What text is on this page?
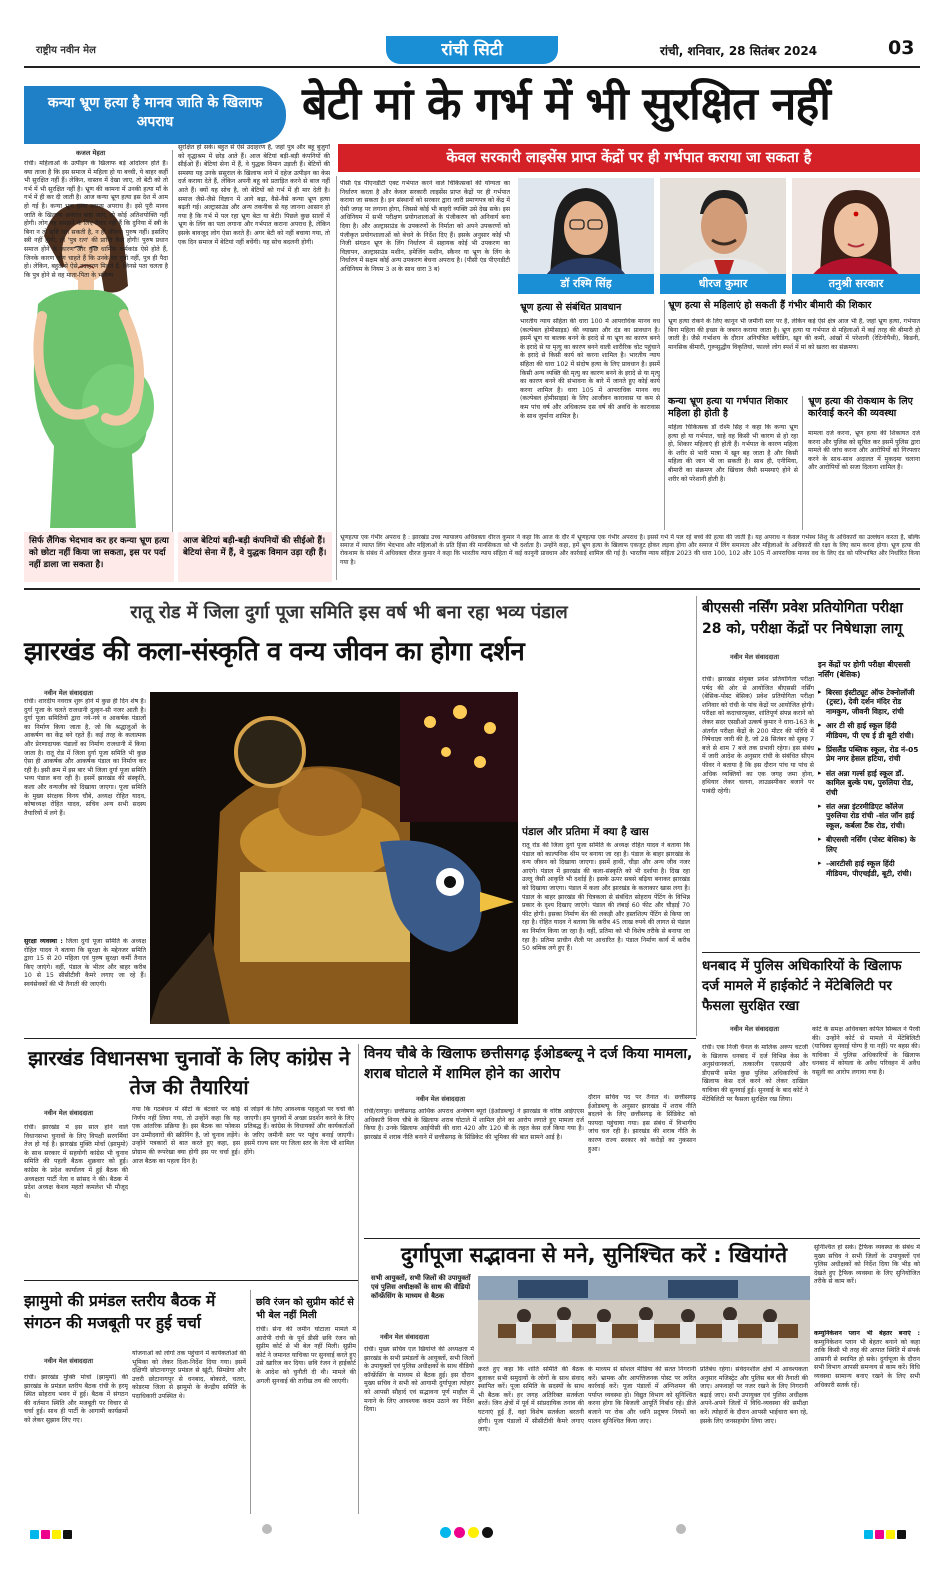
राष्ट्रीय नवीन मेल	रांची सिटी	रांची, शनिवार, 28 सितंबर 2024	03
कन्या भ्रूण हत्या है मानव जाति के खिलाफ अपराध	बेटी मां के गर्भ में भी सुरक्षित नहीं
केवल सरकारी लाइसेंस प्राप्त केंद्रों पर ही गर्भपात कराया जा सकता है
कजल मेहता
रांची। महिलाओं के उत्पीड़न के खिलाफ बड़े आंदोलन होते हैं। क्या ताजा है कि इस समाज में महिला हो या बच्ची, ये बाहर कहीं भी सुरक्षित नहीं हैं। लेकिन, वास्तव में देखा जाए, तो बेटी को तो गर्भ में भी सुरक्षित नहीं है। भ्रूण की कामना में उनकी हत्या माँ के गर्भ में ही कर दी जाती है। आज कन्या भ्रूण हत्या इस देश में आम हो गई है। कन्या भ्रूण हत्या जघन्य अपराध है। इसे पूरी मानव जाति के खिलाफ अपराध कहा जाए, तो कोई अतिशयोक्ति नहीं होगी। लोग यह समझने के लिए तैयार नहीं हैं कि दुनिया में स्त्री के बिना न तो सृष्टि चल सकती है, न ही जीवन। पुरुष नहीं। इसलिए स्त्री नहीं होगी, तो 'पुत्र रत्न' की प्राप्ति कैसे होगी! पुरुष प्रधान समाज होने के कारण और कुछ धार्मिक कर्मकांड ऐसे होते हैं, जिनके कारण लोग चाहते हैं कि उनके घर पुत्री नहीं, पुत्र ही पैदा हो। लेकिन, बहुत से ऐसे उदाहरण मिलते हैं, जिनसे पता चलता है कि पुत्र होने से वह माता-पिता के भविष्य
सुरक्षित हो सके। बहुत से ऐसे उदाहरण हैं, जहां पुत्र और बहू बुजुर्गों को वृद्धाश्रम में छोड़ आते हैं। आज बेटियां बड़ी-बड़ी कंपनियों की सीईओ हैं। बेटियां सेना में हैं, वे युद्धक विमान उड़ाती हैं। बेटियों की समस्या यह उनके ससुराल के खिलाफ थाने में दहेज उत्पीड़न का केस दर्ज कराया देते हैं, लेकिन अपनी बहू को प्रताड़ित करने से बाज नहीं आते हैं। क्यों यह सोच है, जो बेटियों को गर्भ में ही मार देती है। समाज जैसे-जैसे विज्ञान में आगे बढ़ा, वैसे-वैसे कन्या भ्रूण हत्या बढ़ती गई। अल्ट्रासाउंड और अन्य तकनीक से यह जानना आसान हो गया है कि गर्भ में पल रहा भ्रूण बेटा या बेटी। पिछले कुछ सालों में भ्रूण के लिंग का पता लगाना और गर्भपात कराना अपराध है, लेकिन इसके बावजूद लोग ऐसा करते हैं। अगर बेटी को नहीं बचाया गया, तो एक दिन समाज में बेटियां नहीं बचेंगी। यह सोच बदलनी होगी।
पीसी एंड पीएनडीटी एक्ट गर्भपात करने वाले चिकित्सकों की योग्यता का निर्धारण करता है और केवल सरकारी लाइसेंस प्राप्त केंद्रों पर ही गर्भपात कराया जा सकता है। इन संस्थानों को सरकार द्वारा जारी प्रमाणपत्र को केंद्र में ऐसी जगह पर लगाना होगा, जिससे कोई भी बाहरी व्यक्ति उसे देख सके। इस अधिनियम में सभी परीक्षण प्रयोगशालाओं के पंजीकरण को अनिवार्य बना दिया है। और अल्ट्रासाउंड के उपकरणों के निर्माता को अपने उपकरणों को पंजीकृत प्रयोगशालाओं को बेचने के निर्देश दिए हैं। इसके अनुसार कोई भी निजी संगठन भ्रूण के लिंग निर्धारण में सहायक कोई भी उपकरण का विज्ञापन, अल्ट्रासाउंड मशीन, इमेजिंग मशीन, स्कैनर या भ्रूण के लिंग के निर्धारण में सक्षम कोई अन्य उपकरण बेचना अपराध है। (पीसी एंड पीएनडीटी अधिनियम के नियम 3 अ के साथ धारा 3 ब)
सिर्फ लैंगिक भेदभाव कर हर कन्या भ्रूण हत्या को छोटा नहीं किया जा सकता, इस पर पर्दा नहीं डाला जा सकता है।
आज बेटियां बड़ी-बड़ी कंपनियों की सीईओ हैं। बेटियां सेना में हैं, वे युद्धक विमान उड़ा रही हैं।
डॉ रश्मि सिंह	धीरज कुमार	तनुश्री सरकार
भ्रूण हत्या से संबंधित प्रावधान
भारतीय न्याय संहिता की धारा 100 में आपराधिक मानव वध (कल्पेबल होमीसाइड) की व्याख्या और दंड का प्रावधान है। इसमें भ्रूण या बालक बनने के इरादे से या भ्रूण का कारण बनने के इरादे से या मृत्यु का कारण बनने वाली शारीरिक चोट पहुंचाने के इरादे से किसी कार्य को करना शामिल है। भारतीय न्याय संहिता की धारा 102 में संदोष हत्या के लिए प्रावधान है। इसमें किसी अन्य व्यक्ति की मृत्यु का कारण बनने के इरादे से या मृत्यु का कारण बनने की संभावना के बारे में जानते हुए कोई कार्य करना शामिल है। धारा 105 में आपराधिक मानव वध (कल्पेबल होमीसाइड) के लिए आजीवन कारावास या कम से कम पांच वर्ष और अधिकतम दस वर्ष की अवधि के कारावास के साथ जुर्माना शामिल है।
भ्रूण हत्या से महिलाएं हो सकती हैं गंभीर बीमारी की शिकार
भ्रूण हत्या रोकने के लिए कानून भी जमीनी स्तर पर है, लेकिन कई ऐसे क्षेत्र आज भी हैं, जहां भ्रूण हत्या, गर्भपात बिना महिला की इच्छा के जबरन कराया जाता है। भ्रूण हत्या या गर्भपात से महिलाओं में कई तरह की बीमारी हो जाती है। जैसे गर्भाशय के दौरान अनियंत्रित ब्लीडिंग, खून की कमी, आंखों में परेशानी (रेटिनोपैथी), किडनी, मानसिक बीमारी, गुरूसुद्धीय विकृतियां, फाल्ले लोग स्पर्श में मां को खतरा का संक्रमण।
कन्या भ्रूण हत्या या गर्भपात शिकार महिला ही होती है
महिला चिकित्सक डॉ रश्मि सिंह ने कहा कि कन्या भ्रूण हत्या हो या गर्भपात, चाहे वह किसी भी कारण से हो रहा हो, शिकार महिलाएं ही होती हैं। गर्भपात के कारण महिला के शरीर से भारी मात्रा में खून बह जाता है और किसी महिला की जान भी जा सकती है। साथ ही, एनीमिया, बीमारी का संक्रमण और खिंचाव जैसी समस्याएं होने से शरीर को परेशानी होती है।
भ्रूण हत्या की रोकथाम के लिए कार्रवाई करने की व्यवस्था
मामला दर्ज करना, भ्रूण हत्या की शिकायत दर्ज करना और पुलिस को सूचित कर इसमें पुलिस द्वारा मामले की जांच करना और आरोपियों को गिरफ्तार करने के साथ-साथ अदालत में मुकदमा चलाना और आरोपियों को सजा दिलाना शामिल है।
भ्रूणहत्या एक गंभीर अपराध है : झारखंड उच्च न्यायालय अधिवक्ता धीरज कुमार ने कहा कि आज के दौर में भ्रूणहत्या एक गंभीर अपराध है। इससे गर्भ में पल रहे बच्चे की हत्या की जाती है। यह अपराध न केवल गर्भस्थ शिशु के अधिकारों का उल्लंघन करता है, बल्कि समाज में व्याप्त लिंग भेदभाव और महिलाओं के प्रति हिंसा की मानसिकता को भी दर्शाता है। उन्होंने कहा, हमें भ्रूण हत्या के खिलाफ एकजुट होकर लड़ना होगा और समाज में लिंग समानता और महिलाओं के अधिकारों की रक्षा के लिए काम करना होगा। भ्रूण हत्या की रोकथाम के संबंध में अधिवक्ता धीरज कुमार ने कहा कि भारतीय न्याय संहिता में कई कानूनी प्रावधान और कार्रवाई शामिल की गई है। भारतीय न्याय संहिता 2023 की धारा 100, 102 और 105 में आपराधिक मानव वध के लिए दंड को परिभाषित और निर्धारित किया गया है।
रातू रोड में जिला दुर्गा पूजा समिति इस वर्ष भी बना रहा भव्य पंडाल
झारखंड की कला-संस्कृति व वन्य जीवन का होगा दर्शन
नवीन मेल संवाददाता
रांची। शारदीय नवरात्र शुरू होने में कुछ ही दिन शेष हैं। दुर्गा पूजा के चलते राजधानी दुल्हन-सी नजर आती है। दुर्गा पूजा समितियों द्वारा नये-नये व आकर्षक पंडालों का निर्माण किया जाता है, जो कि श्रद्धालुओं के आकर्षण का केंद्र बने रहते हैं। कई तरह के कलात्मक और प्रेरणादायक पंडालों का निर्माण राजधानी में किया जाता है। रातू रोड में जिला दुर्गा पूजा समिति भी कुछ ऐसा ही आकर्षक और आकर्षक पंडाल का निर्माण कर रही है। इसी क्रम में इस बार भी जिला दुर्गा पूजा समिति भव्य पंडाल बना रही है। इसमें झारखंड की संस्कृति, कला और वन्यजीव को दिखाया जाएगा। पूजा समिति के मुख्य संरक्षक विनय चौबे, अध्यक्ष रोहित यादव, कोषाध्यक्ष रोहित यादव, सचिव अन्य सभी सदस्य तैयारियों में लगे हैं।
सुरक्षा व्यवस्था : जिला दुर्गा पूजा समिति के अध्यक्ष रोहित यादव ने बताया कि सुरक्षा के मद्देनजर समिति द्वारा 15 से 20 महिला एवं पुरुष सुरक्षा कर्मी तैनात किए जाएंगे। वहीं, पंडाल के भीतर और बाहर करीब 10 से 15 सीसीटीवी कैमरे लगाए जा रहे हैं। स्वयंसेवकों की भी तैनाती की जाएगी।
पंडाल और प्रतिमा में क्या है खास
रातू रोड की जिला दुर्गा पूजा समिति के अध्यक्ष रोहित यादव ने बताया कि पंडाल को काल्पनिक थीम पर बनाया जा रहा है। पंडाल के बाहर झारखंड के वन्य जीवन को दिखाया जाएगा। इसमें हाथी, चीड़ा और अन्य जीव नजर आएंगे। पंडाल में झारखंड की कला-संस्कृति को भी दर्शाया है। दिख रहा उल्लू जैसी आकृति भी दर्शाई है। इसके ऊपर सबसे बढ़िया बनाकर झारखंड को दिखाया जाएगा। पंडाल में कला और झारखंड के कलाकार खास लगा है। पंडाल के बाहर झारखंड की चित्रकला से संबंधित सोहराय पेंटिंग के विभिन्न प्रकार के दृश्य दिखाए जाएंगे। पंडाल की लंबाई 60 फीट और चौड़ाई 70 फीट होगी। इसका निर्माण बेंत की लकड़ी और हस्तशिल्प पेंटिंग से किया जा रहा है। रोहित यादव ने बताया कि करीब 45 लाख रुपये की लागत से पंडाल का निर्माण किया जा रहा है। वहीं, प्रतिमा को भी विशेष तरीके से बनाया जा रहा है। प्रतिमा प्राचीन शैली पर आधारित है। पंडाल निर्माण कार्य में करीब 50 श्रमिक लगे हुए हैं।
बीएससी नर्सिंग प्रवेश प्रतियोगिता परीक्षा 28 को, परीक्षा केंद्रों पर निषेधाज्ञा लागू
नवीन मेल संवाददाता
रांची। झारखंड संयुक्त प्रवेश प्रतियोगिता परीक्षा पर्षद की ओर से आयोजित बीएससी नर्सिंग (बेसिक-पोस्ट बेसिक) प्रवेश प्रतियोगिता परीक्षा शनिवार को रांची के पांच केंद्रों पर आयोजित होगी। परीक्षा को कदाचारमुक्त, शांतिपूर्ण संपन्न कराने को लेकर सदर एसडीओ उत्कर्ष कुमार ने धारा-163 के अंतर्गत परीक्षा केंद्रों के 200 मीटर की परिधि में निषेधाज्ञा जारी की है, जो 28 सितंबर को सुबह 7 बजे से शाम 7 बजे तक प्रभावी रहेगा। इस संबंध में जारी आदेश के अनुसार रांची के संबंधित सीएम फीवर ने बताया है कि इस दौरान पांच या पांच से अधिक व्यक्तियों का एक जगह जमा होना, हथियार लेकर चलना, लाउडस्पीकर बजाने पर पाबंदी रहेगी।
इन केंद्रों पर होगी परीक्षा बीएससी नर्सिंग (बेसिक)
▸ बिरसा इंस्टीट्यूट ऑफ टेक्नोलॉजी (ट्रस्ट), देवी दर्शन मंदिर रोड नामकुम, जीवनी विहार, रांची
▸ आर टी सी हाई स्कूल हिंदी मीडियम, पी एच ई डी बूटी रांची।
▸ प्रिंसलैंड पब्लिक स्कूल, रोड नं-05 प्रेम नगर हेसल हटिया, रांची
▸ संत अन्ना गर्ल्स हाई स्कूल डॉ. कामिल बुल्के पथ, पुरुलिया रोड, रांची
▸ संत अन्ना इंटरमीडिएट कॉलेज पुरुलिया रोड रांची -संत जॉन हाई स्कूल, कर्बला टैंक रोड, रांची।
▸ बीएससी नर्सिंग (पोस्ट बेसिक) के लिए
▸ -आरटीसी हाई स्कूल हिंदी मीडियम, पीएचईडी, बूटी, रांची।
धनबाद में पुलिस अधिकारियों के खिलाफ दर्ज मामले में हाईकोर्ट ने मेंटेबिलिटी पर फैसला सुरक्षित रखा
नवीन मेल संवाददाता
रांची। एक निजी चैनल के मालिक अरूप चटर्जी के खिलाफ धनबाद में दर्ज विभिन्न केस के अनुसंधानकर्ता, तत्कालीन एसएसपी और डीएसपी समेत कुछ पुलिस अधिकारियों के खिलाफ केस दर्ज करने को लेकर दाखिल याचिका की सुनवाई हुई। सुनवाई के बाद कोर्ट ने मेंटेबिलिटी पर फैसला सुरक्षित रख लिया।
कोर्ट के समक्ष अधिवक्ता कपिल सिब्बल ने पैरवी की। उन्होंने कोर्ट से मामले में मेंटेबिलिटी (याचिका सुनवाई योग्य है या नहीं) पर बहस की। याचिका में पुलिस अधिकारियों के खिलाफ धनबाद में कोयला के अवैध परिवहन में अवैध वसूली का आरोप लगाया गया है।
झारखंड विधानसभा चुनावों के लिए कांग्रेस ने तेज की तैयारियां
नवीन मेल संवाददाता
रांची। झारखंड में इस साल होने वाले विधानसभा चुनावों के लिए विपक्षी सरगर्मियां तेज हो गई है। झारखंड मुक्ति मोर्चा (झामुमो) के साथ सरकार में सहयोगी कांग्रेस भी चुनाव समिति की पहली बैठक शुक्रवार को हुई। कांग्रेस के प्रदेश कार्यालय में हुई बैठक की अध्यक्षता पार्टी नेता व सांसद ने की। बैठक में प्रदेश अध्यक्ष केशव महतो कमलेश भी मौजूद थे।
गया कि गठबंधन में सीटों के बंटवारे पर कोई निर्णय नहीं लिया गया, तो उन्होंने कहा कि यह एक आंतरिक प्रक्रिया है। इस बैठक का फोकस उन उम्मीदवारों की स्क्रीनिंग है, जो चुनाव लड़ेंगे। उन्होंने पत्रकारों से बात करते हुए कहा, इस प्रोग्राम की रूपरेखा क्या होगी इस पर चर्चा हुई। आज बैठक का पहला दिन है।
से जोड़ने के लिए आवश्यक पहलुओं पर चर्चा की जाएगी। हम चुनावों में अच्छा प्रदर्शन करने के लिए प्रतिबद्ध हैं। कांग्रेस के विधायकों और कार्यकर्ताओं के जरिए जमीनी स्तर पर पहुंच बनाई जाएगी। इसमें राज्य स्तर पर जिला स्तर के नेता भी शामिल होंगे।
विनय चौबे के खिलाफ छत्तीसगढ़ ईओडब्ल्यू ने दर्ज किया मामला, शराब घोटाले में शामिल होने का आरोप
नवीन मेल संवाददाता
रांची/रायपुर। छत्तीसगढ़ आर्थिक अपराध अन्वेषण ब्यूरो (ईओडब्ल्यू) ने झारखंड के वरिष्ठ आईएएस अधिकारी विनय चौबे के खिलाफ शराब घोटाले में शामिल होने का आरोप लगाते हुए मामला दर्ज किया है। उनके खिलाफ आईपीसी की धारा 420 और 120 बी के तहत केस दर्ज किया गया है। झारखंड में शराब नीति बनाने में छत्तीसगढ़ के सिंडिकेट की भूमिका की बात सामने आई है।
दौरान सचिव पद पर तैनात थे। छत्तीसगढ़ ईओडब्ल्यू के अनुसार झारखंड में शराब नीति बदलने के लिए छत्तीसगढ़ के सिंडिकेट को फायदा पहुंचाया गया। इस संबंध में विभागीय जांच चल रही है। झारखंड की शराब नीति के कारण राज्य सरकार को करोड़ों का नुकसान हुआ।
झामुमो की प्रमंडल स्तरीय बैठक में संगठन की मजबूती पर हुई चर्चा
नवीन मेल संवाददाता
रांची। झारखंड मुक्ति मोर्चा (झामुमो) की झारखंड के प्रमंडल स्तरीय बैठक रांची के हरमू स्थित सोहराय भवन में हुई। बैठक में संगठन की वर्तमान स्थिति और मजबूती पर विचार से चर्चा हुई। साथ ही पार्टी के आगामी कार्यक्रमों को लेकर सुझाव लिए गए।
योजनाओं को लोगों तक पहुंचाने में कार्यकर्ताओं की भूमिका को लेकर दिशा-निर्देश दिया गया। इसमें दक्षिणी छोटानागपुर प्रमंडल से खूंटी, सिमडेगा और उत्तरी छोटानागपुर से धनबाद, बोकारो, चतरा, कोडरमा जिला से झामुमो के केन्द्रीय समिति के पदाधिकारी उपस्थित थे।
छवि रंजन को सुप्रीम कोर्ट से भी बेल नहीं मिली
रांची। सेना की जमीन घोटाला मामले में आरोपी रांची के पूर्व डीसी छवि रंजन को सुप्रीम कोर्ट से भी बेल नहीं मिली। सुप्रीम कोर्ट ने जमानत याचिका पर सुनवाई करते हुए उसे खारिज कर दिया। छवि रंजन ने हाईकोर्ट के आदेश को चुनौती दी थी। मामले की अगली सुनवाई की तारीख तय की जाएगी।
दुर्गापूजा सद्भावना से मने, सुनिश्चित करें : खियांग्ते
सभी आयुक्तों, सभी जिलों की उपायुक्तों एवं पुलिस अधीक्षकों के साथ की वीडियो कॉन्फ्रेंसिंग के माध्यम से बैठक
नवीन मेल संवाददाता
रांची। मुख्य सचिव एल खियांग्ते की अध्यक्षता में झारखंड के सभी प्रमंडलों के आयुक्तों, सभी जिलों के उपायुक्तों एवं पुलिस अधीक्षकों के साथ वीडियो कॉन्फ्रेंसिंग के माध्यम से बैठक हुई। इस दौरान मुख्य सचिव ने सभी को आगामी दुर्गापूजा त्योहार को आपसी सौहार्द एवं सद्भावना पूर्ण माहौल में मनाने के लिए आवश्यक कदम उठाने का निर्देश दिया।
करते हुए कहा कि शांति समिति की बैठक बुलाकर सभी समुदायों के लोगों के साथ संवाद स्थापित करें। पूजा समिति के सदस्यों के साथ भी बैठक करें। हर जगह अतिरिक्त सतर्कता बरतें। जिन क्षेत्रों में पूर्व में सांप्रदायिक तनाव की घटनाएं हुई हैं, वहां विशेष सतर्कता बरतनी होगी। पूजा पंडालों में सीसीटीवी कैमरे लगाए जाएं।
के माध्यम से सोशल मीडिया की सतत निगरानी करें। भ्रामक और आपत्तिजनक पोस्ट पर त्वरित कार्रवाई करें। पूजा पंडालों में अग्निशमन की पर्याप्त व्यवस्था हो। विद्युत विभाग को सुनिश्चित करना होगा कि बिजली आपूर्ति निर्बाध रहे। डीजे बजाने पर रोक और ध्वनि प्रदूषण नियमों का पालन सुनिश्चित किया जाए।
प्रतिबंध रहेगा। संवेदनशील क्षेत्रों में आवश्यकता अनुसार मजिस्ट्रेट और पुलिस बल की तैनाती की जाए। अफवाहों पर नजर रखने के लिए निगरानी बढ़ाई जाए। सभी उपायुक्त एवं पुलिस अधीक्षक अपने-अपने जिलों में विधि-व्यवस्था की समीक्षा करें। त्योहारों के दौरान आपसी भाईचारा बना रहे, इसके लिए जनसहयोग लिया जाए।
सुनिश्चित हो सके। ट्रैफिक व्यवस्था के संबंध में मुख्य सचिव ने सभी जिलों के उपायुक्तों एवं पुलिस अधीक्षकों को निर्देश दिया कि भीड़ को देखते हुए ट्रैफिक व्यवस्था के लिए सुनियोजित तरीके से काम करें।
कम्युनिकेशन प्लान भी बेहतर बनाएं : कम्युनिकेशन प्लान भी बेहतर बनाने को कहा ताकि किसी भी तरह की आपात स्थिति में संपर्क आसानी से स्थापित हो सके। दुर्गापूजा के दौरान सभी विभाग आपसी समन्वय से काम करें। विधि व्यवस्था सामान्य बनाए रखने के लिए सभी अधिकारी सतर्क रहें।
